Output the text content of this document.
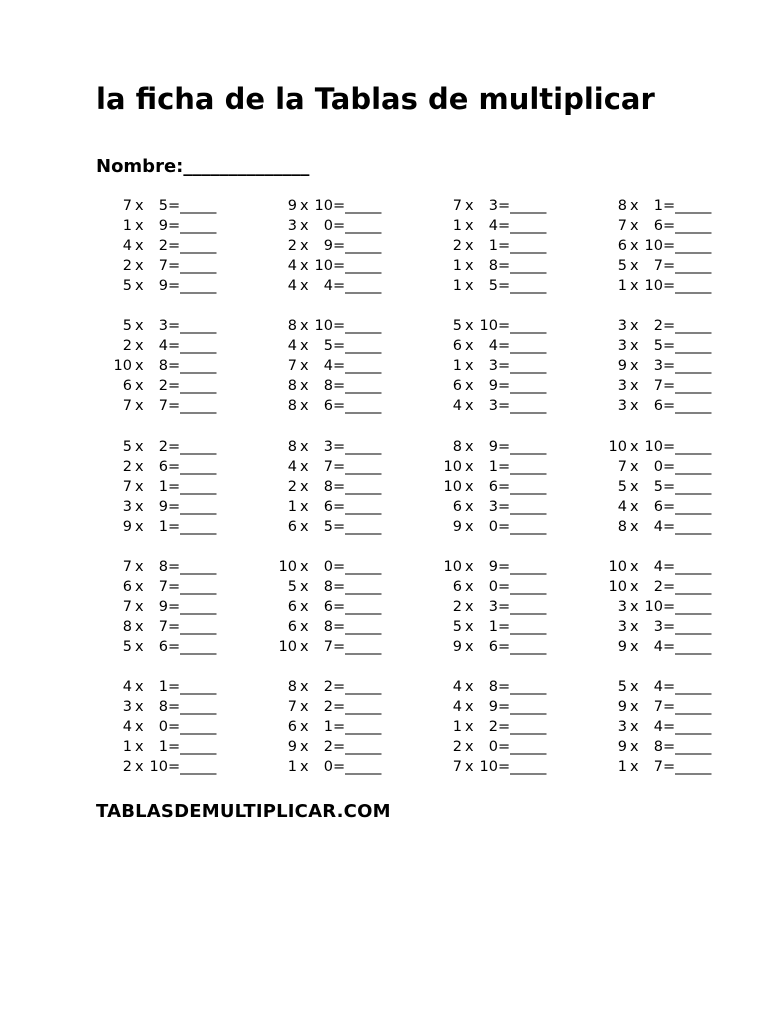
la ficha de la Tablas de multiplicar
Nombre:______________
7 x	5 =_____
1 x	9 =_____
4 x	2 =_____
2 x	7 =_____
5 x	9 =_____
9 x 10 =_____
3 x	0 =_____
2 x	9 =_____
4 x 10 =_____
4 x	4 =_____
7 x	3 =_____
1 x	4 =_____
2 x	1 =_____
1 x	8 =_____
1 x	5 =_____
8 x	1 =_____
7 x	6 =_____
6 x 10 =_____
5 x	7 =_____
1 x 10 =_____
5 x	3 =_____
2 x	4 =_____
10 x	8 =_____
6 x	2 =_____
7 x	7 =_____
8 x 10 =_____
4 x	5 =_____
7 x	4 =_____
8 x	8 =_____
8 x	6 =_____
5 x 10 =_____
6 x	4 =_____
1 x	3 =_____
6 x	9 =_____
4 x	3 =_____
3 x	2 =_____
3 x	5 =_____
9 x	3 =_____
3 x	7 =_____
3 x	6 =_____
5 x	2 =_____
2 x	6 =_____
7 x	1 =_____
3 x	9 =_____
9 x	1 =_____
8 x	3 =_____
4 x	7 =_____
2 x	8 =_____
1 x	6 =_____
6 x	5 =_____
8 x	9 =_____
10 x	1 =_____
10 x	6 =_____
6 x	3 =_____
9 x	0 =_____
10 x 10 =_____
7 x	0 =_____
5 x	5 =_____
4 x	6 =_____
8 x	4 =_____
7 x	8 =_____
6 x	7 =_____
7 x	9 =_____
8 x	7 =_____
5 x	6 =_____
10 x	0 =_____
5 x	8 =_____
6 x	6 =_____
6 x	8 =_____
10 x	7 =_____
10 x	9 =_____
6 x	0 =_____
2 x	3 =_____
5 x	1 =_____
9 x	6 =_____
10 x	4 =_____
10 x	2 =_____
3 x 10 =_____
3 x	3 =_____
9 x	4 =_____
4 x	1 =_____
3 x	8 =_____
4 x	0 =_____
1 x	1 =_____
2 x 10 =_____
8 x	2 =_____
7 x	2 =_____
6 x	1 =_____
9 x	2 =_____
1 x	0 =_____
4 x	8 =_____
4 x	9 =_____
1 x	2 =_____
2 x	0 =_____
7 x 10 =_____
5 x	4 =_____
9 x	7 =_____
3 x	4 =_____
9 x	8 =_____
1 x	7 =_____
TABLASDEMULTIPLICAR.COM
